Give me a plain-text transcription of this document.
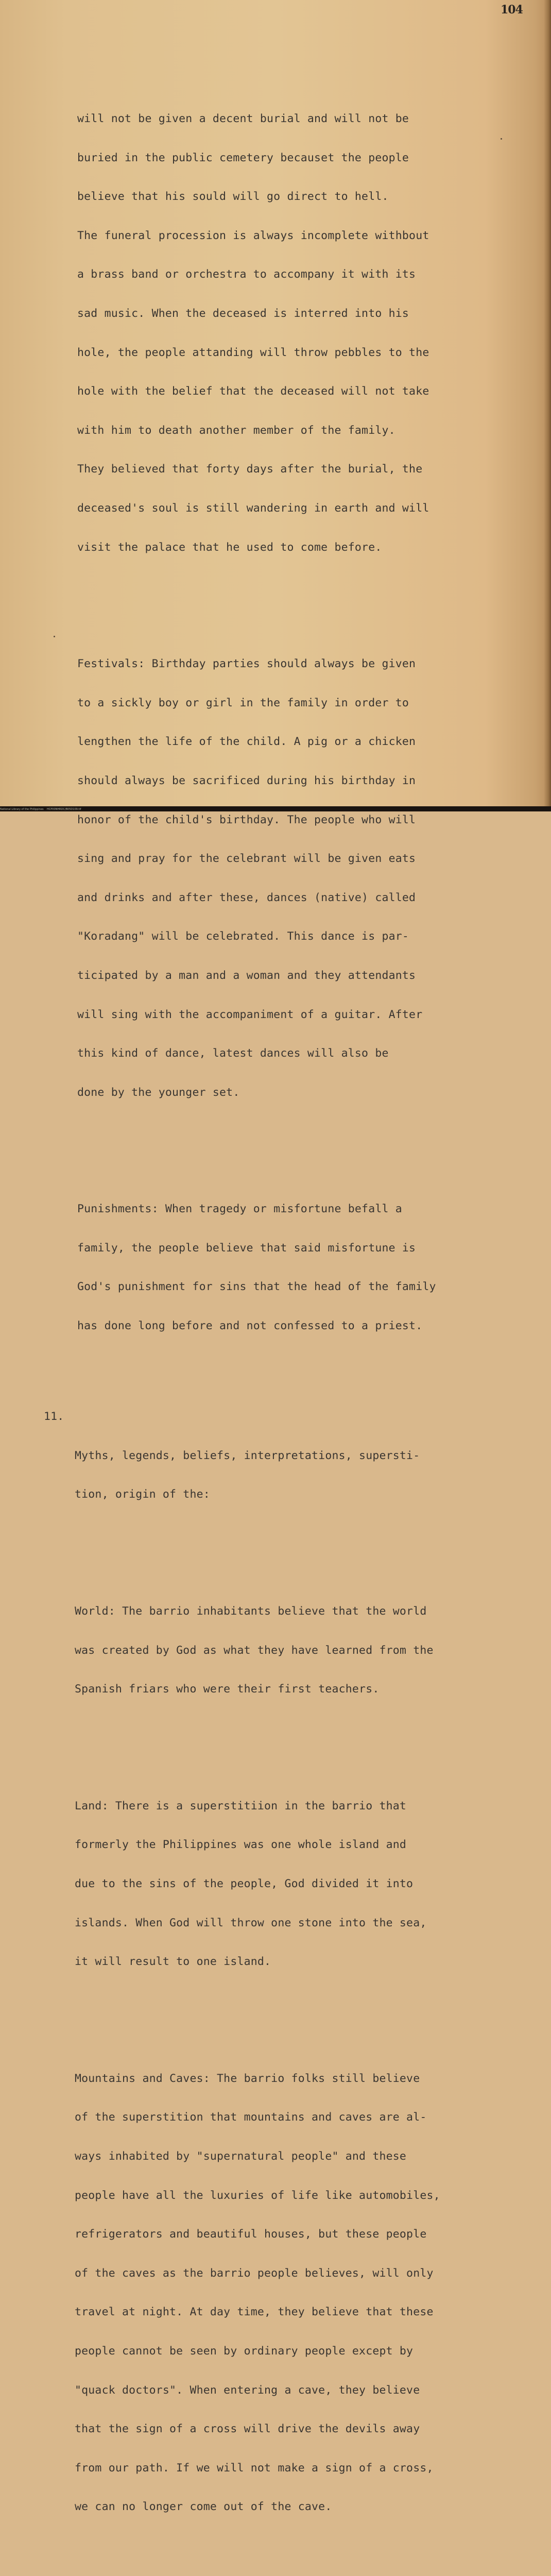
104

will not be given a decent burial and will not be

buried in the public cemetery becauset the people

believe that his sould will go direct to hell.

The funeral procession is always incomplete withbout

a brass band or orchestra to accompany it with its

sad music. When the deceased is interred into his

hole, the people attanding will throw pebbles to the

hole with the belief that the deceased will not take

with him to death another member of the family.

They believed that forty days after the burial, the

deceased's soul is still wandering in earth and will

visit the palace that he used to come before.

Festivals: Birthday parties should always be given

to a sickly boy or girl in the family in order to

lengthen the life of the child. A pig or a chicken

should always be sacrificed during his birthday in

honor of the child's birthday. The people who will

sing and pray for the celebrant will be given eats

and drinks and after these, dances (native) called

"Koradang" will be celebrated. This dance is par-

ticipated by a man and a woman and they attendants

will sing with the accompaniment of a guitar. After

this kind of dance, latest dances will also be

done by the younger set.

Punishments: When tragedy or misfortune befall a

family, the people believe that said misfortune is

God's punishment for sins that the head of the family

has done long before and not confessed to a priest.

11.

Myths, legends, beliefs, interpretations, supersti-

tion, origin of the:

World: The barrio inhabitants believe that the world

was created by God as what they have learned from the

Spanish friars who were their first teachers.

Land: There is a superstitiion in the barrio that

formerly the Philippines was one whole island and

due to the sins of the people, God divided it into

islands. When God will throw one stone into the sea,

it will result to one island.

Mountains and Caves: The barrio folks still believe

of the superstition that mountains and caves are al-

ways inhabited by "supernatural people" and these

people have all the luxuries of life like automobiles,

refrigerators and beautiful houses, but these people

of the caves as the barrio people believes, will only

travel at night. At day time, they believe that these

people cannot be seen by ordinary people except by

"quack doctors". When entering a cave, they believe

that the sign of a cross will drive the devils away

from our path. If we will not make a sign of a cross,

we can no longer come out of the cave.

National Library of the Philippines    HCP00NHRDC/B05D109.tif
